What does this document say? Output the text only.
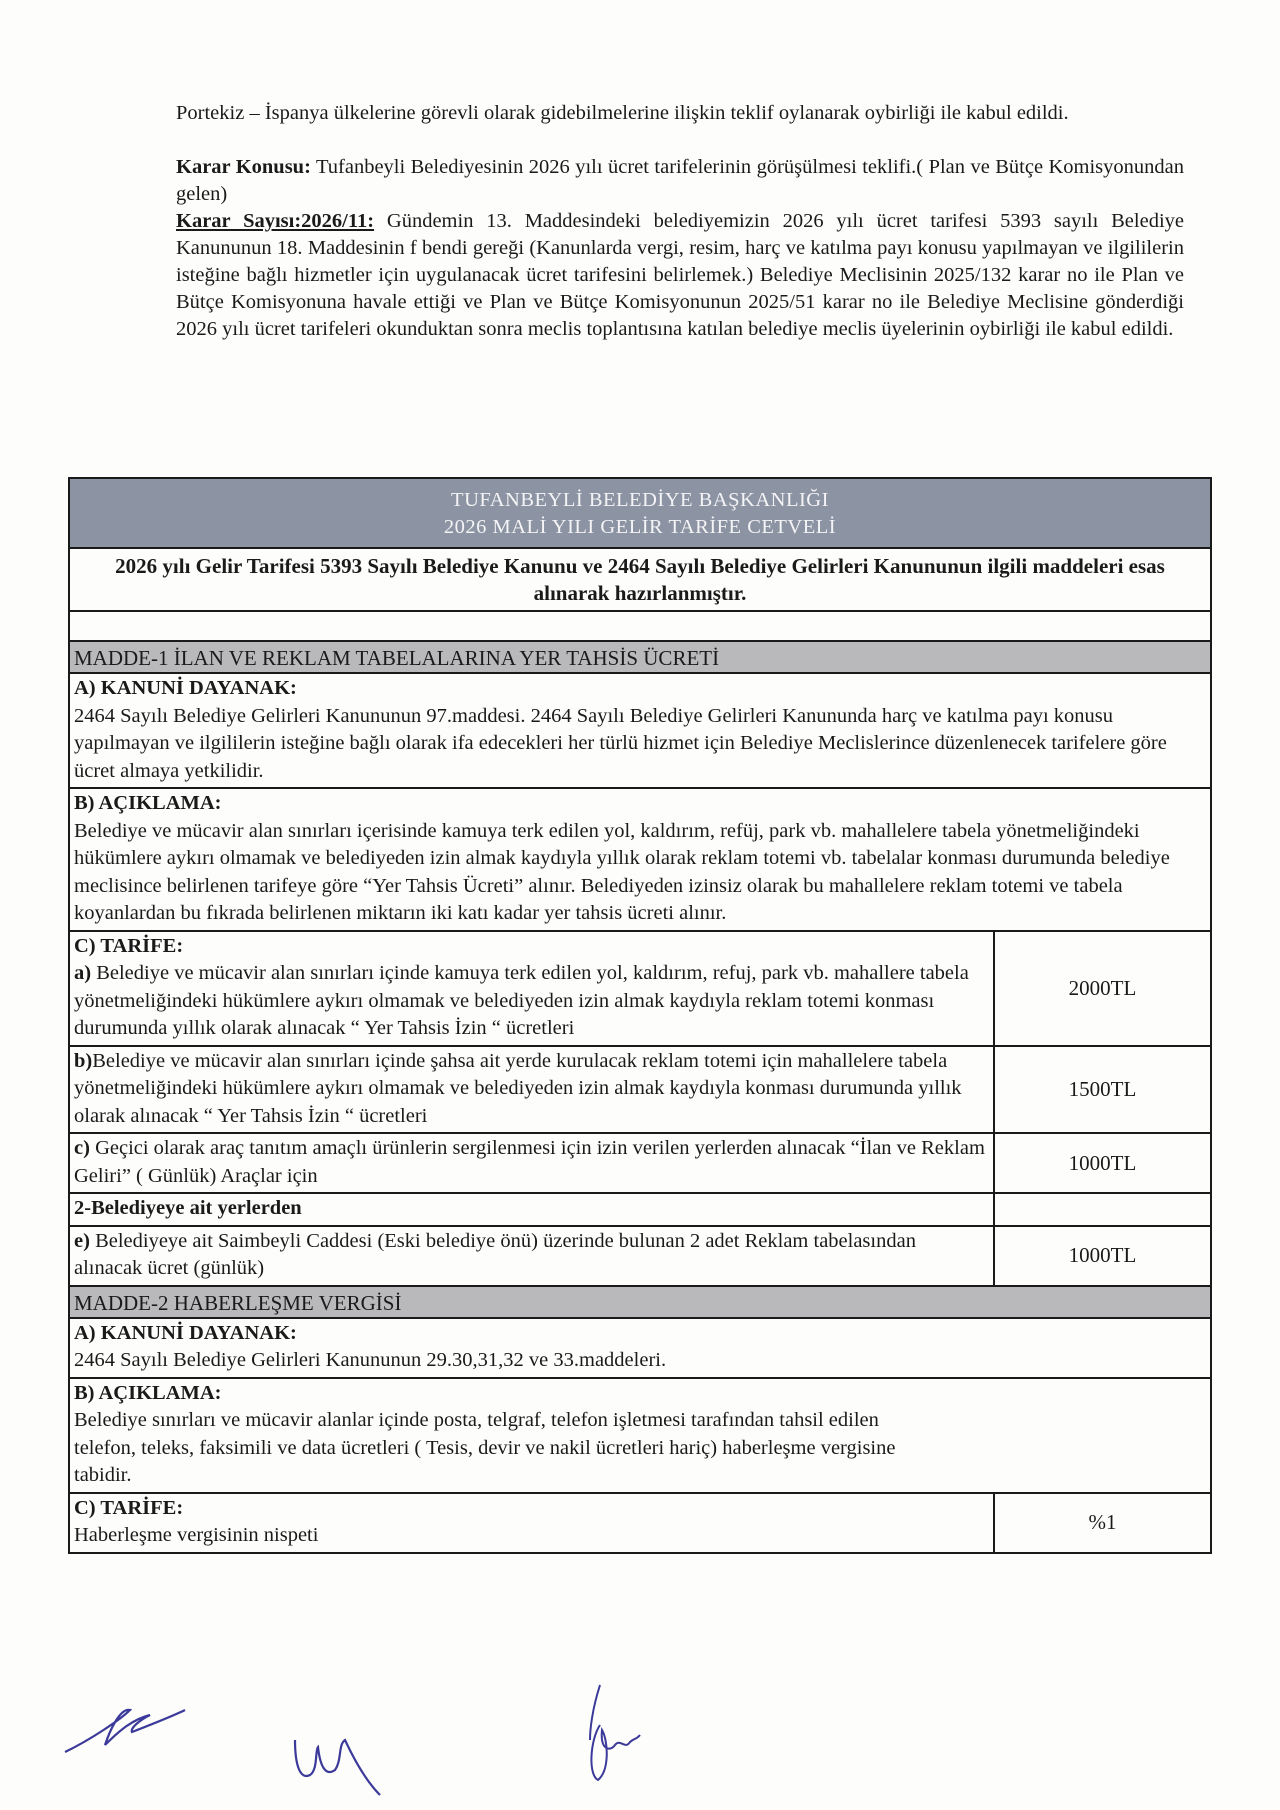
Portekiz – İspanya ülkelerine görevli olarak gidebilmelerine ilişkin teklif oylanarak oybirliği ile kabul edildi.

Karar Konusu: Tufanbeyli Belediyesinin 2026 yılı ücret tarifelerinin görüşülmesi teklifi.( Plan ve Bütçe Komisyonundan gelen)

Karar Sayısı:2026/11: Gündemin 13. Maddesindeki belediyemizin 2026 yılı ücret tarifesi 5393 sayılı Belediye Kanununun 18. Maddesinin f bendi gereği (Kanunlarda vergi, resim, harç ve katılma payı konusu yapılmayan ve ilgililerin isteğine bağlı hizmetler için uygulanacak ücret tarifesini belirlemek.) Belediye Meclisinin 2025/132 karar no ile Plan ve Bütçe Komisyonuna havale ettiği ve Plan ve Bütçe Komisyonunun 2025/51 karar no ile Belediye Meclisine gönderdiği 2026 yılı ücret tarifeleri okunduktan sonra meclis toplantısına katılan belediye meclis üyelerinin oybirliği ile kabul edildi.

TUFANBEYLİ BELEDİYE BAŞKANLIĞI
2026 MALİ YILI GELİR TARİFE CETVELİ
2026 yılı Gelir Tarifesi 5393 Sayılı Belediye Kanunu ve 2464 Sayılı Belediye Gelirleri Kanununun ilgili maddeleri esas alınarak hazırlanmıştır.
MADDE-1 İLAN VE REKLAM TABELALARINA YER TAHSİS ÜCRETİ
A) KANUNİ DAYANAK:
2464 Sayılı Belediye Gelirleri Kanununun 97.maddesi. 2464 Sayılı Belediye Gelirleri Kanununda harç ve katılma payı konusu yapılmayan ve ilgililerin isteğine bağlı olarak ifa edecekleri her türlü hizmet için Belediye Meclislerince düzenlenecek tarifelere göre ücret almaya yetkilidir.
B) AÇIKLAMA:
Belediye ve mücavir alan sınırları içerisinde kamuya terk edilen yol, kaldırım, refüj, park vb. mahallelere tabela yönetmeliğindeki hükümlere aykırı olmamak ve belediyeden izin almak kaydıyla yıllık olarak reklam totemi vb. tabelalar konması durumunda belediye meclisince belirlenen tarifeye göre “Yer Tahsis Ücreti” alınır. Belediyeden izinsiz olarak bu mahallelere reklam totemi ve tabela koyanlardan bu fıkrada belirlenen miktarın iki katı kadar yer tahsis ücreti alınır.
C) TARİFE:
a) Belediye ve mücavir alan sınırları içinde kamuya terk edilen yol, kaldırım, refuj, park vb. mahallere tabela yönetmeliğindeki hükümlere aykırı olmamak ve belediyeden izin almak kaydıyla reklam totemi konması durumunda yıllık olarak alınacak “ Yer Tahsis İzin “ ücretleri
2000TL
b)Belediye ve mücavir alan sınırları içinde şahsa ait yerde kurulacak reklam totemi için mahallelere tabela yönetmeliğindeki hükümlere aykırı olmamak ve belediyeden izin almak kaydıyla konması durumunda yıllık olarak alınacak “ Yer Tahsis İzin “ ücretleri
1500TL
c) Geçici olarak araç tanıtım amaçlı ürünlerin sergilenmesi için izin verilen yerlerden alınacak “İlan ve Reklam Geliri” ( Günlük) Araçlar için
1000TL
2-Belediyeye ait yerlerden
e) Belediyeye ait Saimbeyli Caddesi (Eski belediye önü) üzerinde bulunan 2 adet Reklam tabelasından alınacak ücret (günlük)
1000TL
MADDE-2 HABERLEŞME VERGİSİ
A) KANUNİ DAYANAK:
2464 Sayılı Belediye Gelirleri Kanununun 29.30,31,32 ve 33.maddeleri.
B) AÇIKLAMA:
Belediye sınırları ve mücavir alanlar içinde posta, telgraf, telefon işletmesi tarafından tahsil edilen telefon, teleks, faksimili ve data ücretleri ( Tesis, devir ve nakil ücretleri hariç) haberleşme vergisine tabidir.
C) TARİFE:
Haberleşme vergisinin nispeti
%1
